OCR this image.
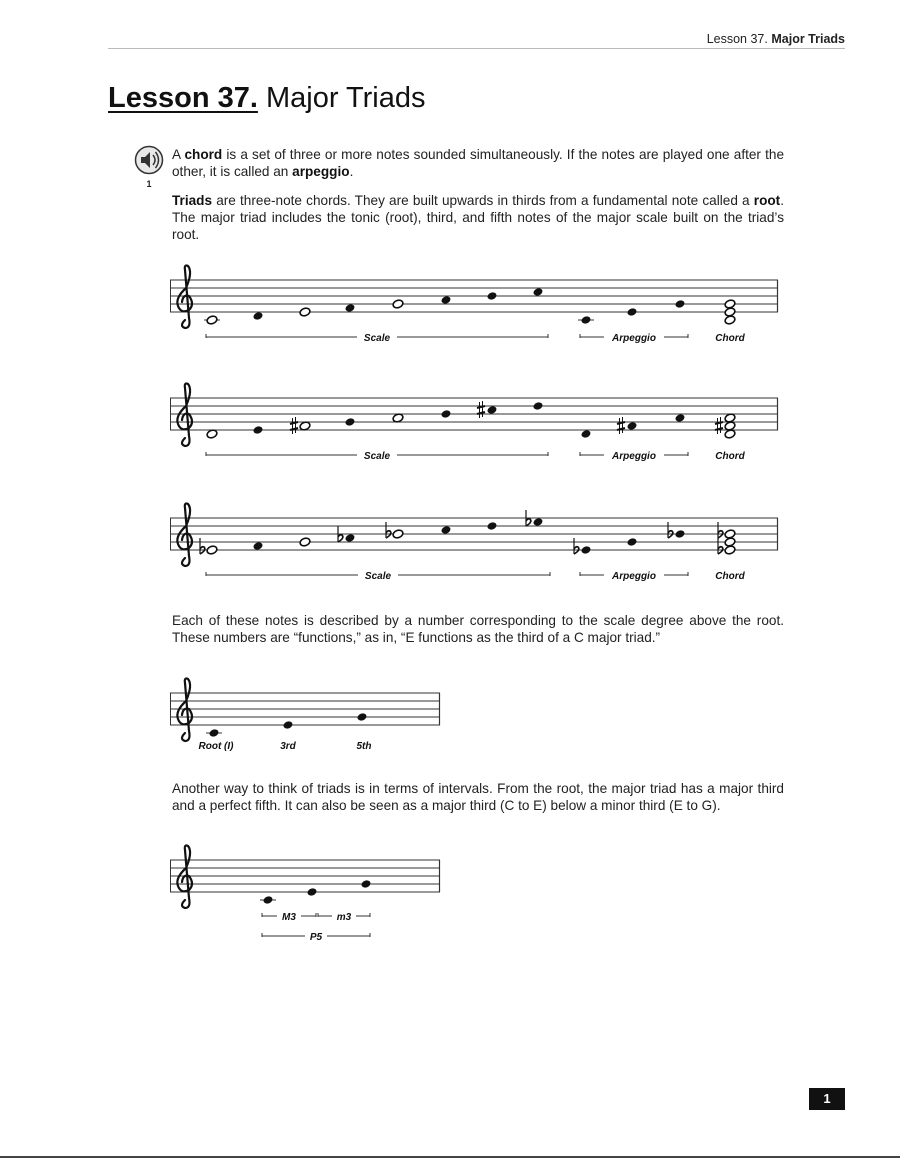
Lesson 37. Major Triads
Lesson 37. Major Triads
1
A chord is a set of three or more notes sounded simultaneously. If the notes are played one after the other, it is called an arpeggio.
Triads are three-note chords. They are built upwards in thirds from a fundamental note called a root. The major triad includes the tonic (root), third, and fifth notes of the major scale built on the triad’s root.
Scale	Arpeggio	Chord
Scale	Arpeggio	Chord
Scale	Arpeggio	Chord
Each of these notes is described by a number corresponding to the scale degree above the root. These numbers are “functions,” as in, “E functions as the third of a C major triad.”
Root (I)	3rd	5th
Another way to think of triads is in terms of intervals. From the root, the major triad has a major third and a perfect fifth. It can also be seen as a major third (C to E) below a minor third (E to G).
M3	m3
P5
1
